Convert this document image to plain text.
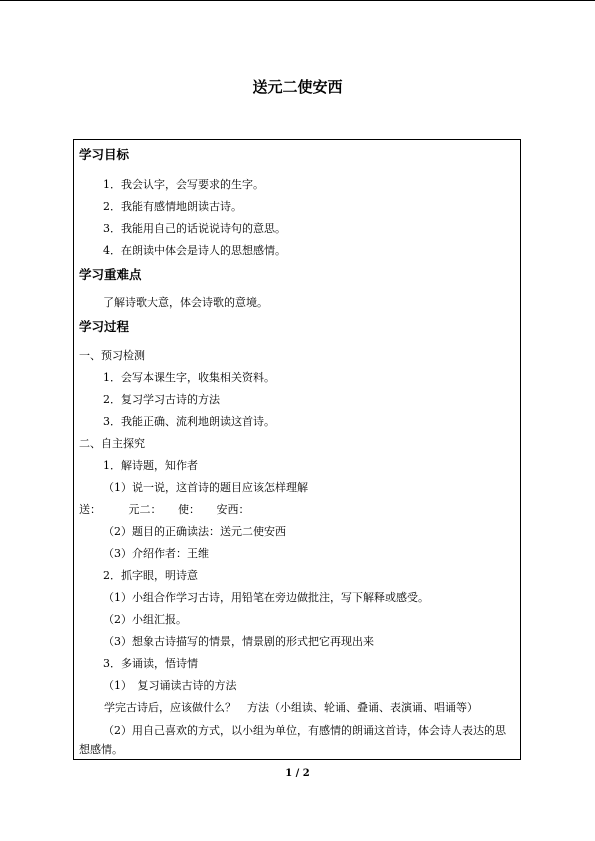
送元二使安西
学习目标
1．我会认字，会写要求的生字。
2．我能有感情地朗读古诗。
3．我能用自己的话说说诗句的意思。
4．在朗读中体会是诗人的思想感情。
学习重难点
了解诗歌大意，体会诗歌的意境。
学习过程
一、预习检测
1．会写本课生字，收集相关资料。
2．复习学习古诗的方法
3．我能正确、流利地朗读这首诗。
二、自主探究
1．解诗题，知作者
（1）说一说，这首诗的题目应该怎样理解
送：　　　元二：　　使：　　安西：
（2）题目的正确读法：送元二使安西
（3）介绍作者：王维
2．抓字眼，明诗意
（1）小组合作学习古诗，用铅笔在旁边做批注，写下解释或感受。
（2）小组汇报。
（3）想象古诗描写的情景，情景剧的形式把它再现出来
3．多诵读，悟诗情
（1）　复习诵读古诗的方法
学完古诗后，应该做什么？　方法（小组读、轮诵、叠诵、表演诵、唱诵等）
（2）用自己喜欢的方式，以小组为单位，有感情的朗诵这首诗，体会诗人表达的思想感情。
1 / 2
